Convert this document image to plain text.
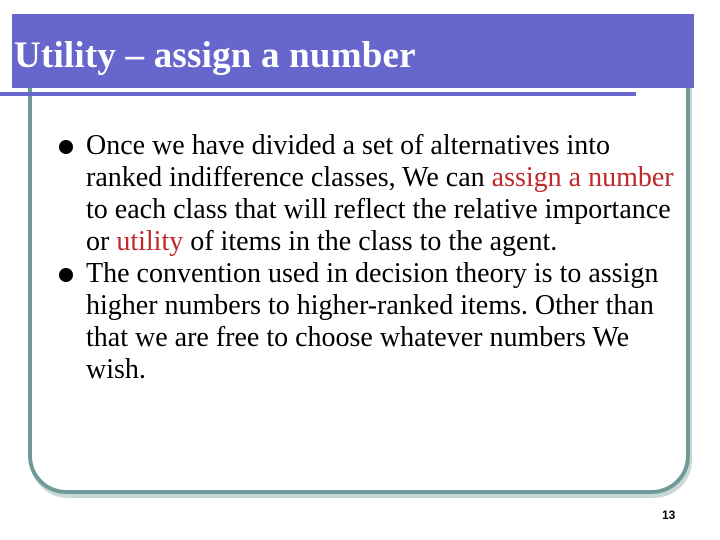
Utility – assign a number

Once we have divided a set of alternatives into ranked indifference classes, We can assign a number to each class that will reflect the relative importance or utility of items in the class to the agent.

The convention used in decision theory is to assign higher numbers to higher-ranked items. Other than that we are free to choose whatever numbers We wish.

13
